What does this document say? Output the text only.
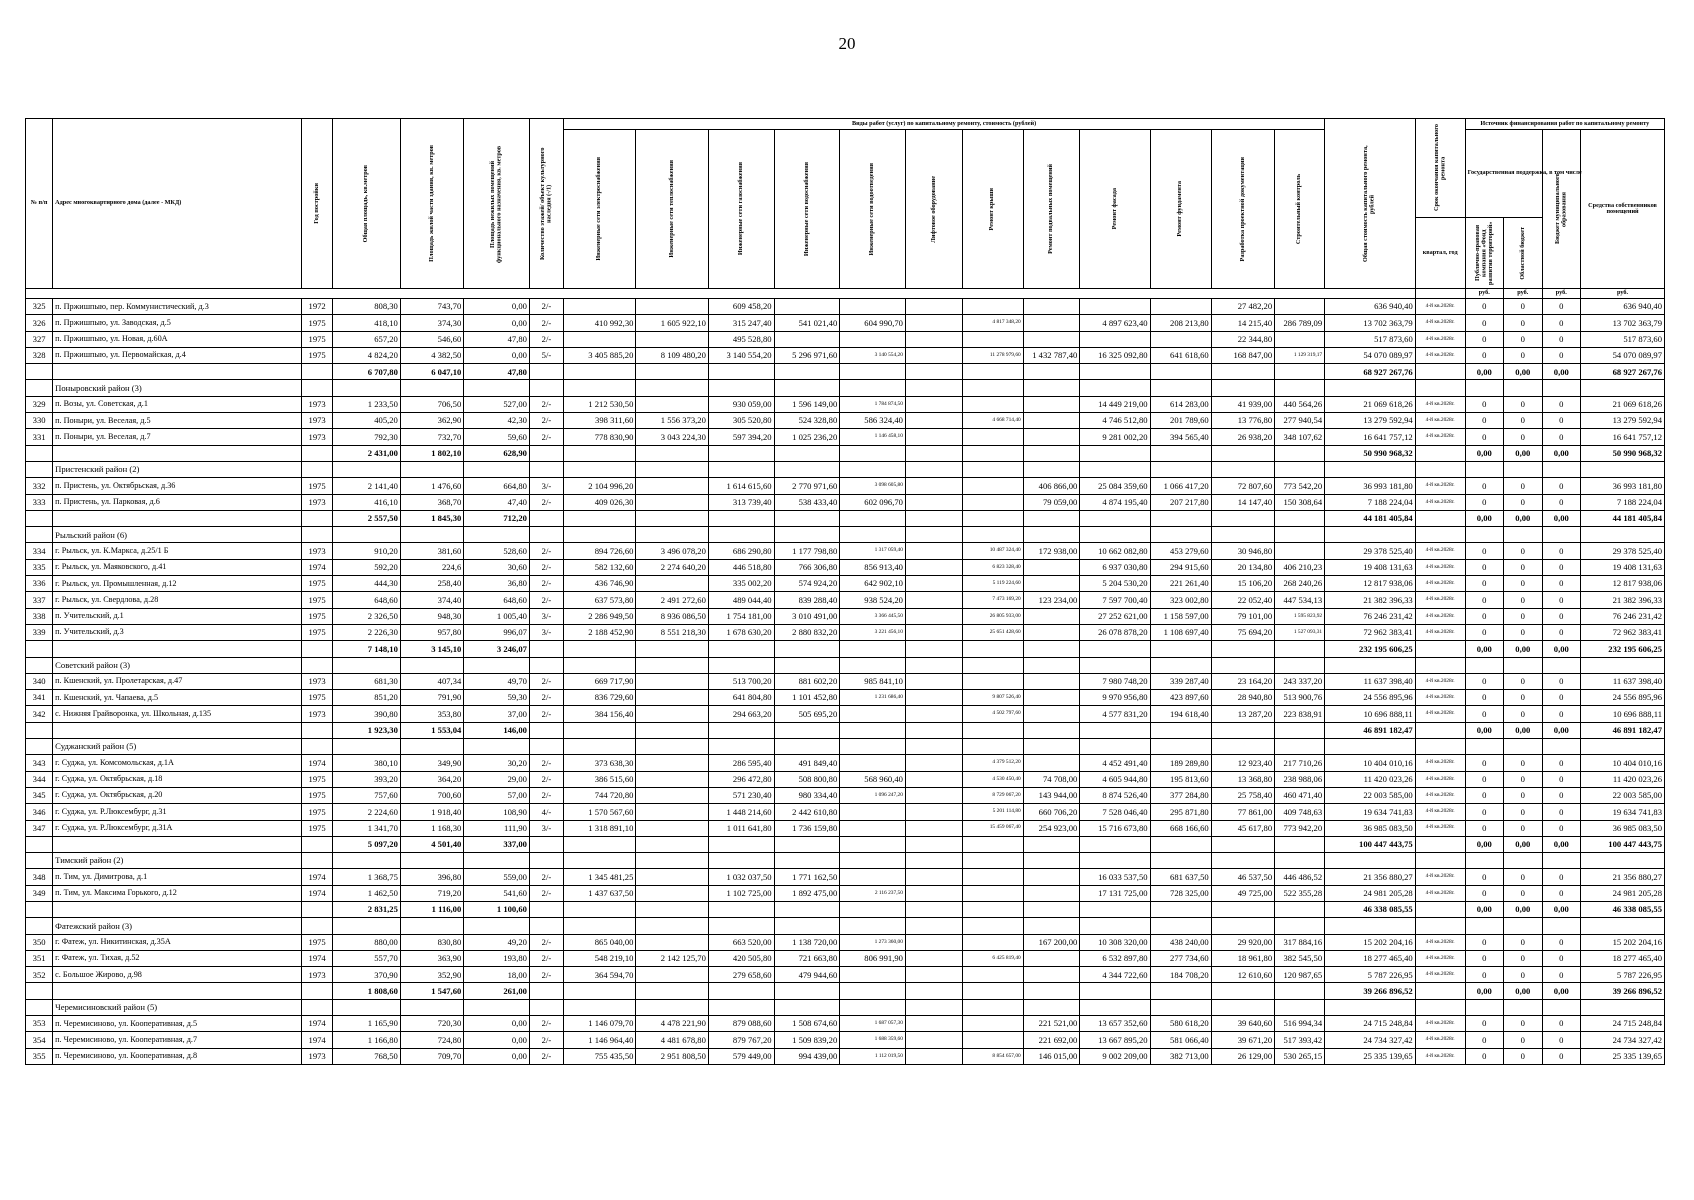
20
№ п/п	Адрес многоквартирного дома (далее - МКД)	Год постройки	Общая площадь, кв.метров	Площадь жилой части здания, кв. метров	Площадь нежилых помещений функционального назначения, кв. метров	Количество этажей/ объект культурного наследия (-/1)	Виды работ (услуг) по капитальному ремонту, стоимость (рублей)												Общая стоимость капитального ремонта, рублей	Срок окончания капитального ремонта	Источник финансирования работ по капитальному ремонту			

							Инженерные сети электроснабжения	Инженерные сети теплоснабжения	Инженерные сети газоснабжения	Инженерные сети водоснабжения	Инженерные сети водоотведения	Лифтовое оборудование	Ремонт крыши	Ремонт подвальных помещений	Ремонт фасада	Ремонт фундамента	Разработка проектной документации	Строительный контроль			Государственная поддержка, в том числе		Бюджет муниципального образования	Средства собственников помещений
																				квартал, год	Публично-правовая компания «Фонд развития территорий»	Областной бюджет		

																					руб.	руб.	руб.	руб.
325	п. Пржишпыю, пер. Коммунистический, д.3	1972	808,30	743,70	0,00	2/-			609 458,20								27 482,20		636 940,40	4-й кв.2028г.	0	0	0	636 940,40
326	п. Пржишпыю, ул. Заводская, д.5	1975	418,10	374,30	0,00	2/-	410 992,30	1 605 922,10	315 247,40	541 021,40	604 990,70		4 817 348,20		4 897 623,40	208 213,80	14 215,40	286 789,09	13 702 363,79	4-й кв.2028г.	0	0	0	13 702 363,79
327	п. Пржишпыю, ул. Новая, д.60А	1975	657,20	546,60	47,80	2/-			495 528,80								22 344,80		517 873,60	4-й кв.2028г.	0	0	0	517 873,60
328	п. Пржишпыю, ул. Первомайская, д.4	1975	4 824,20	4 382,50	0,00	5/-	3 405 885,20	8 109 480,20	3 140 554,20	5 296 971,60	3 140 554,20		11 278 979,60	1 432 787,40	16 325 092,80	641 618,60	168 847,00	1 129 319,17	54 070 089,97	4-й кв.2028г.	0	0	0	54 070 089,97
			6 707,80	6 047,10	47,80														68 927 267,76		0,00	0,00	0,00	68 927 267,76
	Поныровский район (3)																							
329	п. Возы, ул. Советская, д.1	1973	1 233,50	706,50	527,00	2/-	1 212 530,50		930 059,00	1 596 149,00	1 784 874,50				14 449 219,00	614 283,00	41 939,00	440 564,26	21 069 618,26	4-й кв.2028г.	0	0	0	21 069 618,26
330	п. Поныри, ул. Веселая, д.5	1973	405,20	362,90	42,30	2/-	398 311,60	1 556 373,20	305 520,80	524 328,80	586 324,40		4 668 714,40		4 746 512,80	201 789,60	13 776,80	277 940,54	13 279 592,94	4-й кв.2028г.	0	0	0	13 279 592,94
331	п. Поныри, ул. Веселая, д.7	1973	792,30	732,70	59,60	2/-	778 830,90	3 043 224,30	597 394,20	1 025 236,20	1 146 458,10				9 281 002,20	394 565,40	26 938,20	348 107,62	16 641 757,12	4-й кв.2028г.	0	0	0	16 641 757,12
			2 431,00	1 802,10	628,90														50 990 968,32		0,00	0,00	0,00	50 990 968,32
	Пристенский район (2)																							
332	п. Пристень, ул. Октябрьская, д.36	1975	2 141,40	1 476,60	664,80	3/-	2 104 996,20		1 614 615,60	2 770 971,60	3 098 605,80			406 866,00	25 084 359,60	1 066 417,20	72 807,60	773 542,20	36 993 181,80	4-й кв.2028г.	0	0	0	36 993 181,80
333	п. Пристень, ул. Парковая, д.6	1973	416,10	368,70	47,40	2/-	409 026,30		313 739,40	538 433,40	602 096,70			79 059,00	4 874 195,40	207 217,80	14 147,40	150 308,64	7 188 224,04	4-й кв.2028г.	0	0	0	7 188 224,04
			2 557,50	1 845,30	712,20														44 181 405,84		0,00	0,00	0,00	44 181 405,84
	Рыльский район (6)																							
334	г. Рыльск, ул. К.Маркса, д.25/1 Б	1973	910,20	381,60	528,60	2/-	894 726,60	3 496 078,20	686 290,80	1 177 798,80	1 317 059,40		10 487 324,40	172 938,00	10 662 082,80	453 279,60	30 946,80		29 378 525,40	4-й кв.2028г.	0	0	0	29 378 525,40
335	г. Рыльск, ул. Маяковского, д.41	1974	592,20	224,6	30,60	2/-	582 132,60	2 274 640,20	446 518,80	766 306,80	856 913,40		6 823 328,40		6 937 030,80	294 915,60	20 134,80	406 210,23	19 408 131,63	4-й кв.2028г.	0	0	0	19 408 131,63
336	г. Рыльск, ул. Промышленная, д.12	1975	444,30	258,40	36,80	2/-	436 746,90		335 002,20	574 924,20	642 902,10		5 119 224,60		5 204 530,20	221 261,40	15 106,20	268 240,26	12 817 938,06	4-й кв.2028г.	0	0	0	12 817 938,06
337	г. Рыльск, ул. Свердлова, д.28	1975	648,60	374,40	648,60	2/-	637 573,80	2 491 272,60	489 044,40	839 288,40	938 524,20		7 473 169,20	123 234,00	7 597 700,40	323 002,80	22 052,40	447 534,13	21 382 396,33	4-й кв.2028г.	0	0	0	21 382 396,33
338	п. Учительский, д.1	1975	2 326,50	948,30	1 005,40	3/-	2 286 949,50	8 936 086,50	1 754 181,00	3 010 491,00	3 366 445,50		26 805 933,00		27 252 621,00	1 158 597,00	79 101,00	1 595 823,92	76 246 231,42	4-й кв.2028г.	0	0	0	76 246 231,42
339	п. Учительский, д.3	1975	2 226,30	957,80	996,07	3/-	2 188 452,90	8 551 218,30	1 678 630,20	2 880 832,20	3 221 456,10		25 651 428,60		26 078 878,20	1 108 697,40	75 694,20	1 527 093,31	72 962 383,41	4-й кв.2028г.	0	0	0	72 962 383,41
			7 148,10	3 145,10	3 246,07														232 195 606,25		0,00	0,00	0,00	232 195 606,25
	Советский район (3)																							
340	п. Кшенский, ул. Пролетарская, д.47	1973	681,30	407,34	49,70	2/-	669 717,90		513 700,20	881 602,20	985 841,10				7 980 748,20	339 287,40	23 164,20	243 337,20	11 637 398,40	4-й кв.2028г.	0	0	0	11 637 398,40
341	п. Кшенский, ул. Чапаева, д.5	1975	851,20	791,90	59,30	2/-	836 729,60		641 804,80	1 101 452,80	1 231 686,40		9 807 526,40		9 970 956,80	423 897,60	28 940,80	513 900,76	24 556 895,96	4-й кв.2028г.	0	0	0	24 556 895,96
342	с. Нижняя Грайворонка, ул. Школьная, д.135	1973	390,80	353,80	37,00	2/-	384 156,40		294 663,20	505 695,20			4 502 797,60		4 577 831,20	194 618,40	13 287,20	223 838,91	10 696 888,11	4-й кв.2028г.	0	0	0	10 696 888,11
			1 923,30	1 553,04	146,00														46 891 182,47		0,00	0,00	0,00	46 891 182,47
	Суджанский район (5)																							
343	г. Суджа, ул. Комсомольская, д.1А	1974	380,10	349,90	30,20	2/-	373 638,30		286 595,40	491 849,40			4 379 512,20		4 452 491,40	189 289,80	12 923,40	217 710,26	10 404 010,16	4-й кв.2028г.	0	0	0	10 404 010,16
344	г. Суджа, ул. Октябрьская, д.18	1975	393,20	364,20	29,00	2/-	386 515,60		296 472,80	508 800,80	568 960,40		4 530 450,40	74 708,00	4 605 944,80	195 813,60	13 368,80	238 988,06	11 420 023,26	4-й кв.2028г.	0	0	0	11 420 023,26
345	г. Суджа, ул. Октябрьская, д.20	1975	757,60	700,60	57,00	2/-	744 720,80		571 230,40	980 334,40	1 096 247,20		8 729 067,20	143 944,00	8 874 526,40	377 284,80	25 758,40	460 471,40	22 003 585,00	4-й кв.2028г.	0	0	0	22 003 585,00
346	г. Суджа, ул. Р.Люксембург, д.31	1975	2 224,60	1 918,40	108,90	4/-	1 570 567,60		1 448 214,60	2 442 610,80			5 201 114,80	660 706,20	7 528 046,40	295 871,80	77 861,00	409 748,63	19 634 741,83	4-й кв.2028г.	0	0	0	19 634 741,83
347	г. Суджа, ул. Р.Люксембург, д.31А	1975	1 341,70	1 168,30	111,90	3/-	1 318 891,10		1 011 641,80	1 736 159,80			15 459 067,40	254 923,00	15 716 673,80	668 166,60	45 617,80	773 942,20	36 985 083,50	4-й кв.2028г.	0	0	0	36 985 083,50
			5 097,20	4 501,40	337,00														100 447 443,75		0,00	0,00	0,00	100 447 443,75
	Тимский район (2)																							
348	п. Тим, ул. Димитрова, д.1	1974	1 368,75	396,80	559,00	2/-	1 345 481,25		1 032 037,50	1 771 162,50					16 033 537,50	681 637,50	46 537,50	446 486,52	21 356 880,27	4-й кв.2028г.	0	0	0	21 356 880,27
349	п. Тим, ул. Максима Горького, д.12	1974	1 462,50	719,20	541,60	2/-	1 437 637,50		1 102 725,00	1 892 475,00	2 116 237,50				17 131 725,00	728 325,00	49 725,00	522 355,28	24 981 205,28	4-й кв.2028г.	0	0	0	24 981 205,28
			2 831,25	1 116,00	1 100,60														46 338 085,55		0,00	0,00	0,00	46 338 085,55
	Фатежский район (3)																							
350	г. Фатеж, ул. Никитинская, д.35А	1975	880,00	830,80	49,20	2/-	865 040,00		663 520,00	1 138 720,00	1 273 360,00			167 200,00	10 308 320,00	438 240,00	29 920,00	317 884,16	15 202 204,16	4-й кв.2028г.	0	0	0	15 202 204,16
351	г. Фатеж, ул. Тихая, д.52	1974	557,70	363,90	193,80	2/-	548 219,10	2 142 125,70	420 505,80	721 663,80	806 991,90		6 425 819,40		6 532 897,80	277 734,60	18 961,80	382 545,50	18 277 465,40	4-й кв.2028г.	0	0	0	18 277 465,40
352	с. Большое Жирово, д.98	1973	370,90	352,90	18,00	2/-	364 594,70		279 658,60	479 944,60					4 344 722,60	184 708,20	12 610,60	120 987,65	5 787 226,95	4-й кв.2028г.	0	0	0	5 787 226,95
			1 808,60	1 547,60	261,00														39 266 896,52		0,00	0,00	0,00	39 266 896,52
	Черемисиновский район (5)																							
353	п. Черемисиново, ул. Кооперативная, д.5	1974	1 165,90	720,30	0,00	2/-	1 146 079,70	4 478 221,90	879 088,60	1 508 674,60	1 687 057,30			221 521,00	13 657 352,60	580 618,20	39 640,60	516 994,34	24 715 248,84	4-й кв.2028г.	0	0	0	24 715 248,84
354	п. Черемисиново, ул. Кооперативная, д.7	1974	1 166,80	724,80	0,00	2/-	1 146 964,40	4 481 678,80	879 767,20	1 509 839,20	1 688 359,60			221 692,00	13 667 895,20	581 066,40	39 671,20	517 393,42	24 734 327,42	4-й кв.2028г.	0	0	0	24 734 327,42
355	п. Черемисиново, ул. Кооперативная, д.8	1973	768,50	709,70	0,00	2/-	755 435,50	2 951 808,50	579 449,00	994 439,00	1 112 019,50		8 854 657,00	146 015,00	9 002 209,00	382 713,00	26 129,00	530 265,15	25 335 139,65	4-й кв.2028г.	0	0	0	25 335 139,65
